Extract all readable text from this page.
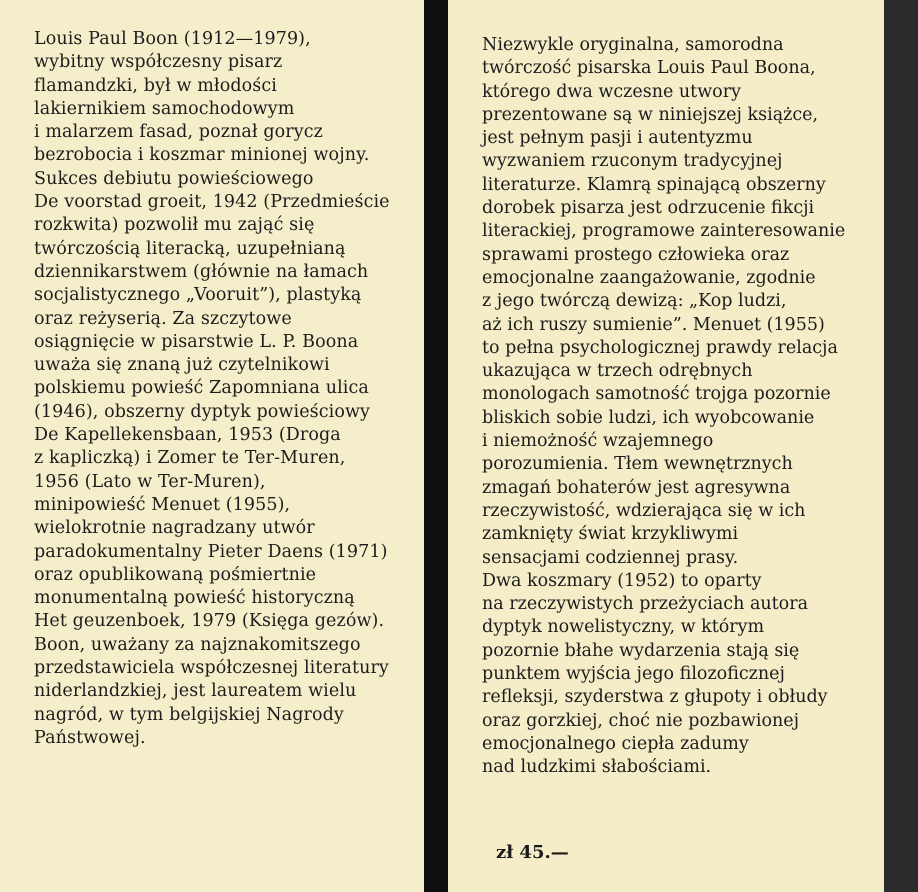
Louis Paul Boon (1912—1979),
wybitny współczesny pisarz
flamandzki, był w młodości
lakiernikiem samochodowym
i malarzem fasad, poznał gorycz
bezrobocia i koszmar minionej wojny.
Sukces debiutu powieściowego
De voorstad groeit, 1942 (Przedmieście
rozkwita) pozwolił mu zająć się
twórczością literacką, uzupełnianą
dziennikarstwem (głównie na łamach
socjalistycznego „Vooruit”), plastyką
oraz reżyserią. Za szczytowe
osiągnięcie w pisarstwie L. P. Boona
uważa się znaną już czytelnikowi
polskiemu powieść Zapomniana ulica
(1946), obszerny dyptyk powieściowy
De Kapellekensbaan, 1953 (Droga
z kapliczką) i Zomer te Ter-Muren,
1956 (Lato w Ter-Muren),
minipowieść Menuet (1955),
wielokrotnie nagradzany utwór
paradokumentalny Pieter Daens (1971)
oraz opublikowaną pośmiertnie
monumentalną powieść historyczną
Het geuzenboek, 1979 (Księga gezów).
Boon, uważany za najznakomitszego
przedstawiciela współczesnej literatury
niderlandzkiej, jest laureatem wielu
nagród, w tym belgijskiej Nagrody
Państwowej.

Niezwykle oryginalna, samorodna
twórczość pisarska Louis Paul Boona,
którego dwa wczesne utwory
prezentowane są w niniejszej książce,
jest pełnym pasji i autentyzmu
wyzwaniem rzuconym tradycyjnej
literaturze. Klamrą spinającą obszerny
dorobek pisarza jest odrzucenie fikcji
literackiej, programowe zainteresowanie
sprawami prostego człowieka oraz
emocjonalne zaangażowanie, zgodnie
z jego twórczą dewizą: „Kop ludzi,
aż ich ruszy sumienie”. Menuet (1955)
to pełna psychologicznej prawdy relacja
ukazująca w trzech odrębnych
monologach samotność trojga pozornie
bliskich sobie ludzi, ich wyobcowanie
i niemożność wzajemnego
porozumienia. Tłem wewnętrznych
zmagań bohaterów jest agresywna
rzeczywistość, wdzierająca się w ich
zamknięty świat krzykliwymi
sensacjami codziennej prasy.
Dwa koszmary (1952) to oparty
na rzeczywistych przeżyciach autora
dyptyk nowelistyczny, w którym
pozornie błahe wydarzenia stają się
punktem wyjścia jego filozoficznej
refleksji, szyderstwa z głupoty i obłudy
oraz gorzkiej, choć nie pozbawionej
emocjonalnego ciepła zadumy
nad ludzkimi słabościami.

zł 45.—
